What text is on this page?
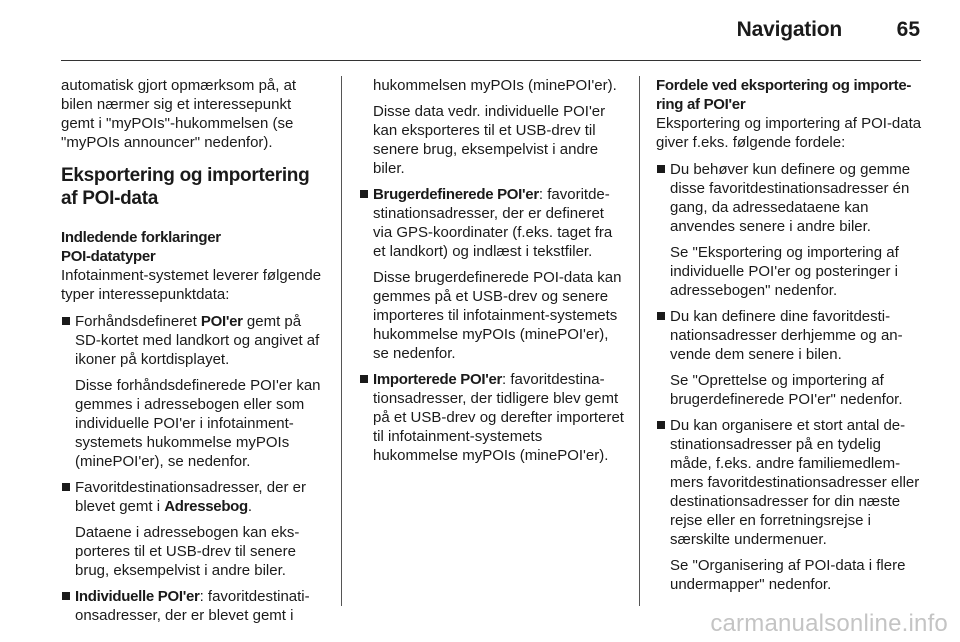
Navigation	65

automatisk gjort opmærksom på, at bilen nærmer sig et interessepunkt gemt i "myPOIs"-hukommelsen (se "myPOIs announcer" nedenfor).

Eksportering og importering af POI-data

Indledende forklaringer

POI-datatyper

Infotainment-systemet leverer følgende typer interessepunktdata:

Forhåndsdefineret POI'er gemt på SD-kortet med landkort og angivet af ikoner på kortdisplayet.

Disse forhåndsdefinerede POI'er kan gemmes i adressebogen eller som individuelle POI'er i infotainment-systemets hukommelse myPOIs (minePOI'er), se nedenfor.

Favoritdestinationsadresser, der er blevet gemt i Adressebog.

Dataene i adressebogen kan eksporteres til et USB-drev til senere brug, eksempelvist i andre biler.

Individuelle POI'er: favoritdestinationsadresser, der er blevet gemt i

hukommelsen myPOIs (minePOI'er).

Disse data vedr. individuelle POI'er kan eksporteres til et USB-drev til senere brug, eksempelvist i andre biler.

Brugerdefinerede POI'er: favoritdestinationsadresser, der er defineret via GPS-koordinater (f.eks. taget fra et landkort) og indlæst i tekstfiler.

Disse brugerdefinerede POI-data kan gemmes på et USB-drev og senere importeres til infotainment-systemets hukommelse myPOIs (minePOI'er), se nedenfor.

Importerede POI'er: favoritdestinationsadresser, der tidligere blev gemt på et USB-drev og derefter importeret til infotainment-systemets hukommelse myPOIs (minePOI'er).

Fordele ved eksportering og importering af POI'er

Eksportering og importering af POI-data giver f.eks. følgende fordele:

Du behøver kun definere og gemme disse favoritdestinationsadresser én gang, da adressedataene kan anvendes senere i andre biler.

Se "Eksportering og importering af individuelle POI'er og posteringer i adressebogen" nedenfor.

Du kan definere dine favoritdestinationsadresser derhjemme og anvende dem senere i bilen.

Se "Oprettelse og importering af brugerdefinerede POI'er" nedenfor.

Du kan organisere et stort antal destinationsadresser på en tydelig måde, f.eks. andre familiemedlemmers favoritdestinationsadresser eller destinationsadresser for din næste rejse eller en forretningsrejse i særskilte undermenuer.

Se "Organisering af POI-data i flere undermapper" nedenfor.

carmanualsonline.info
